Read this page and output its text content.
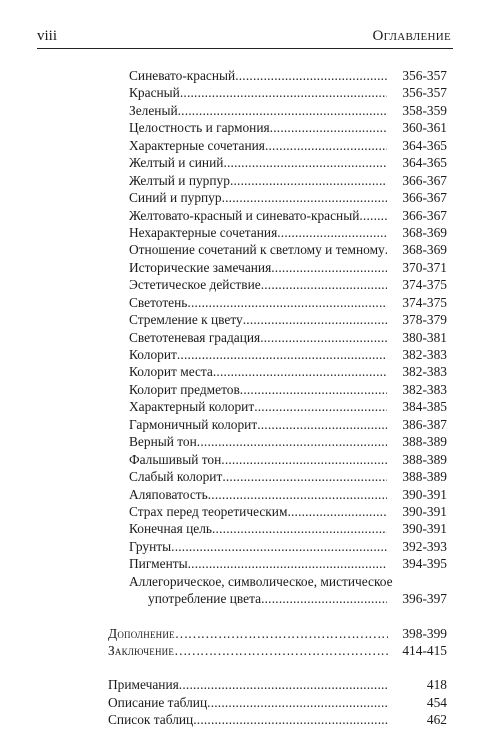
viii	Оглавление
Синевато-красный .....	356-357
Красный .....	356-357
Зеленый .....	358-359
Целостность и гармония .....	360-361
Характерные сочетания .....	364-365
Желтый и синий .....	364-365
Желтый и пурпур .....	366-367
Синий и пурпур .....	366-367
Желтовато-красный и синевато-красный .....	366-367
Нехарактерные сочетания .....	368-369
Отношение сочетаний к светлому и темному .....	368-369
Исторические замечания .....	370-371
Эстетическое действие .....	374-375
Светотень .....	374-375
Стремление к цвету .....	378-379
Светотеневая градация .....	380-381
Колорит .....	382-383
Колорит места .....	382-383
Колорит предметов .....	382-383
Характерный колорит .....	384-385
Гармоничный колорит .....	386-387
Верный тон .....	388-389
Фальшивый тон .....	388-389
Слабый колорит .....	388-389
Аляповатость .....	390-391
Страх перед теоретическим .....	390-391
Конечная цель .....	390-391
Грунты .....	392-393
Пигменты .....	394-395
Аллегорическое, символическое, мистическое
употребление цвета .....	396-397
Дополнение …………………………………………………………………………………………………………………………	398-399
Заключение …………………………………………………………………………………………………………………………	414-415
Примечания .....	418
Описание таблиц .....	454
Список таблиц .....	462
